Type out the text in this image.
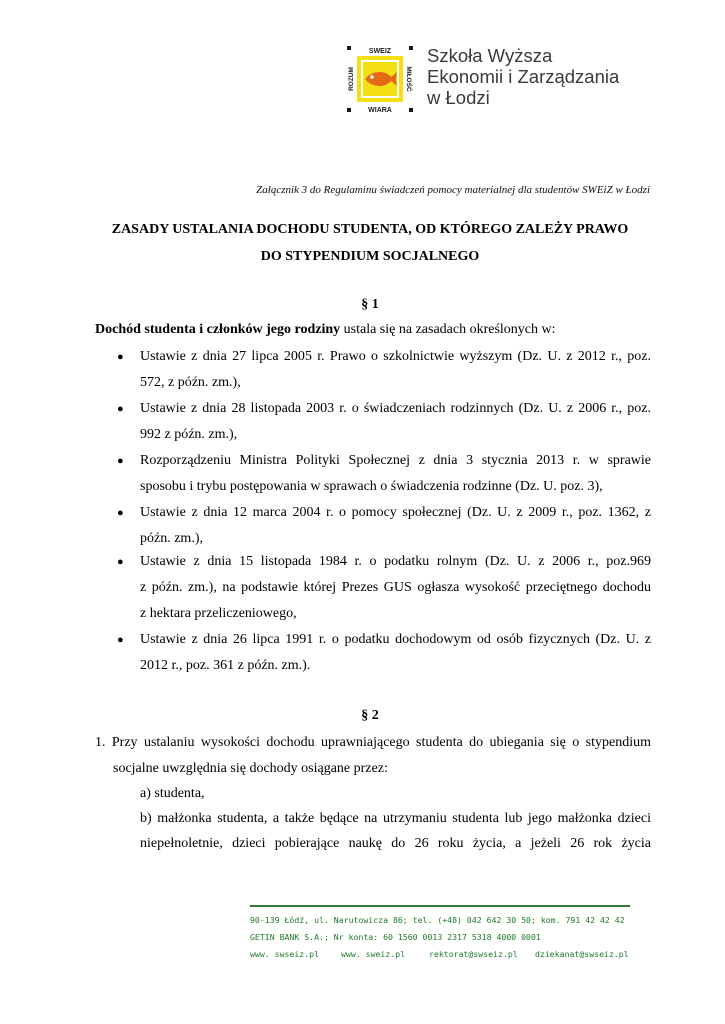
SWEIZ
WIARA
ROZUM	MIŁOŚĆ
Szkoła Wyższa
Ekonomii i Zarządzania
w Łodzi
Załącznik 3 do Regulaminu świadczeń pomocy materialnej dla studentów SWEiZ w Łodzi
ZASADY USTALANIA DOCHODU STUDENTA, OD KTÓREGO ZALEŻY PRAWO
DO STYPENDIUM SOCJALNEGO
§ 1
Dochód studenta i członków jego rodziny ustala się na zasadach określonych w:
● Ustawie z dnia 27 lipca 2005 r. Prawo o szkolnictwie wyższym (Dz. U. z 2012 r., poz.
572, z późn. zm.),
● Ustawie z dnia 28 listopada 2003 r. o świadczeniach rodzinnych (Dz. U. z 2006 r., poz.
992 z późn. zm.),
● Rozporządzeniu Ministra Polityki Społecznej z dnia 3 stycznia 2013 r. w sprawie
sposobu i trybu postępowania w sprawach o świadczenia rodzinne (Dz. U. poz. 3),
● Ustawie z dnia 12 marca 2004 r. o pomocy społecznej (Dz. U. z 2009 r., poz. 1362, z
późn. zm.),
● Ustawie z dnia 15 listopada 1984 r. o podatku rolnym (Dz. U. z 2006 r., poz.969
z późn. zm.), na podstawie której Prezes GUS ogłasza wysokość przeciętnego dochodu
z hektara przeliczeniowego,
● Ustawie z dnia 26 lipca 1991 r. o podatku dochodowym od osób fizycznych (Dz. U. z
2012 r., poz. 361 z późn. zm.).
§ 2
1. Przy ustalaniu wysokości dochodu uprawniającego studenta do ubiegania się o stypendium
socjalne uwzględnia się dochody osiągane przez:
a) studenta,
b) małżonka studenta, a także będące na utrzymaniu studenta lub jego małżonka dzieci
niepełnoletnie, dzieci pobierające naukę do 26 roku życia, a jeżeli 26 rok życia
90-139 Łódź, ul. Narutowicza 86; tel. (+48) 042 642 30 50; kom. 791 42 42 42
GETIN BANK S.A.; Nr konta: 60 1560 0013 2317 5318 4000 0001
www. swseiz.pl	www. sweiz.pl	rektorat@swseiz.pl dziekanat@swseiz.pl
